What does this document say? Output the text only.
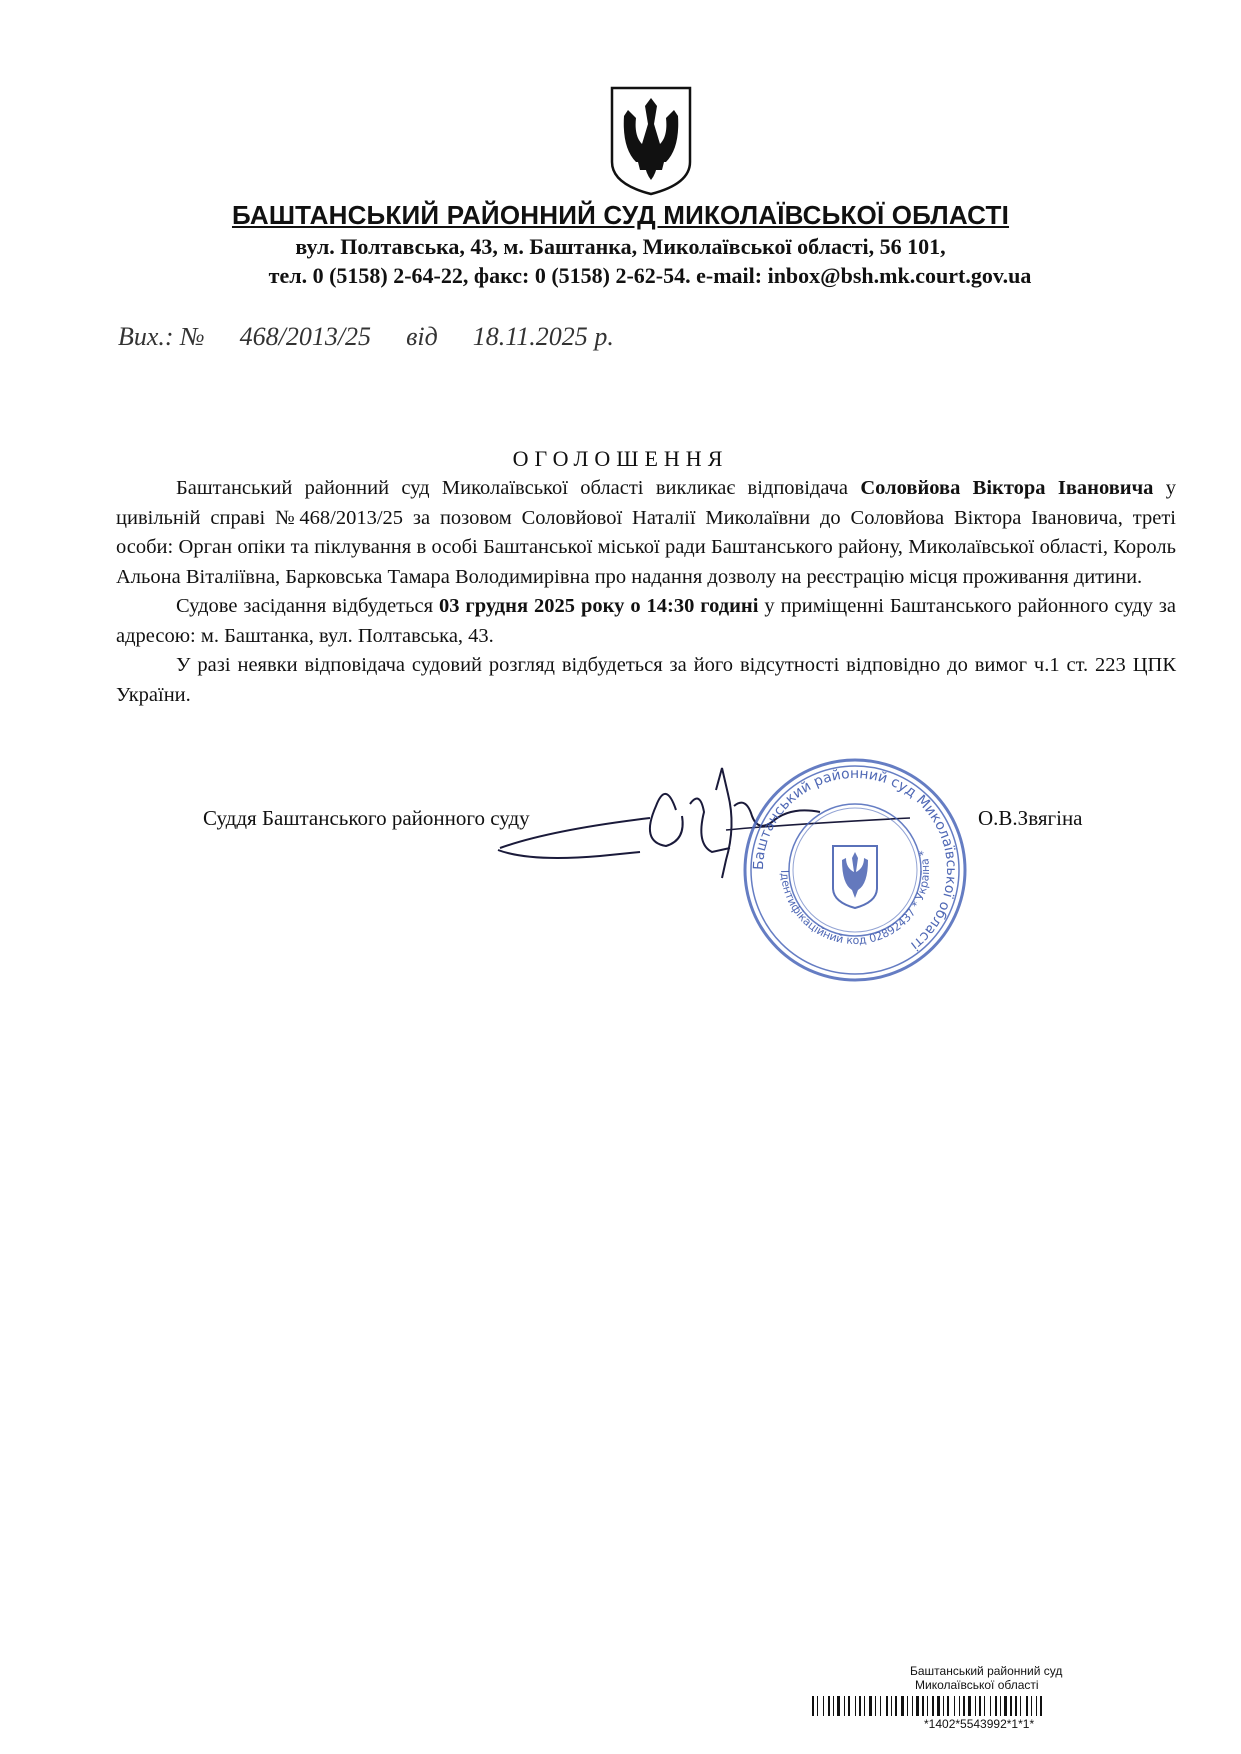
БАШТАНСЬКИЙ РАЙОННИЙ СУД МИКОЛАЇВСЬКОЇ ОБЛАСТІ
вул. Полтавська, 43, м. Баштанка, Миколаївської області, 56 101,
тел. 0 (5158) 2-64-22, факс: 0 (5158) 2-62-54. e-mail: inbox@bsh.mk.court.gov.ua
Вих.: № 468/2013/25 від 18.11.2025 р.
ОГОЛОШЕННЯ

Баштанський районний суд Миколаївської області викликає відповідача Соловйова Віктора Івановича у цивільній справі №468/2013/25 за позовом Соловйової Наталії Миколаївни до Соловйова Віктора Івановича, треті особи: Орган опіки та піклування в особі Баштанської міської ради Баштанського району, Миколаївської області, Король Альона Віталіївна, Барковська Тамара Володимирівна про надання дозволу на реєстрацію місця проживання дитини.

Судове засідання відбудеться 03 грудня 2025 року о 14:30 годині у приміщенні Баштанського районного суду за адресою: м. Баштанка, вул. Полтавська, 43.

У разі неявки відповідача судовий розгляд відбудеться за його відсутності відповідно до вимог ч.1 ст. 223 ЦПК України.

Суддя Баштанського районного суду	О.В.Звягіна
Баштанський районний суд Миколаївської області
Ідентифікаційний код 02892437 * Україна *
Баштанський районний суд
Миколаївської області
*1402*5543992*1*1*
